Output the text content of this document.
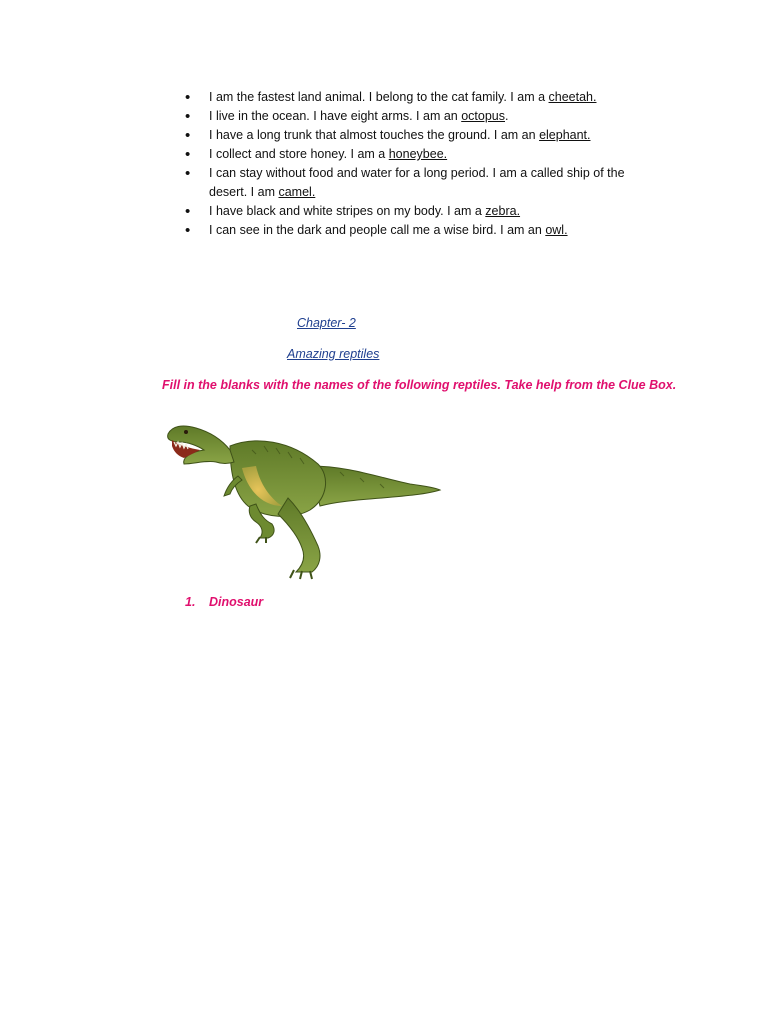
• I am the fastest land animal. I belong to the cat family. I am a cheetah.
• I live in the ocean. I have eight arms. I am an octopus.
• I have a long trunk that almost touches the ground. I am an elephant.
• I collect and store honey. I am a honeybee.
• I can stay without food and water for a long period. I am a called ship of the desert. I am camel.
• I have black and white stripes on my body. I am a zebra.
• I can see in the dark and people call me a wise bird. I am an owl.
Chapter- 2
Amazing reptiles
Fill in the blanks with the names of the following reptiles. Take help from the Clue Box.
1. Dinosaur
